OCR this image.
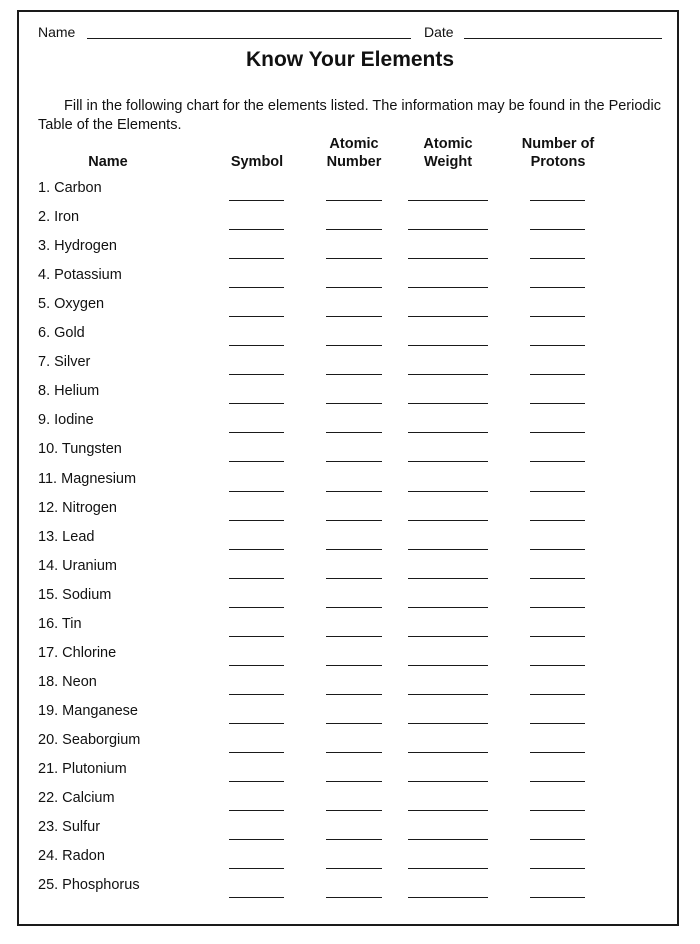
Name	Date
Know Your Elements
Fill in the following chart for the elements listed. The information may be found in the Periodic Table of the Elements.
Name	Symbol
Atomic
Number
Atomic
Weight
Number of
Protons
1. Carbon
2. Iron
3. Hydrogen
4. Potassium
5. Oxygen
6. Gold
7. Silver
8. Helium
9. Iodine
10. Tungsten
11. Magnesium
12. Nitrogen
13. Lead
14. Uranium
15. Sodium
16. Tin
17. Chlorine
18. Neon
19. Manganese
20. Seaborgium
21. Plutonium
22. Calcium
23. Sulfur
24. Radon
25. Phosphorus
